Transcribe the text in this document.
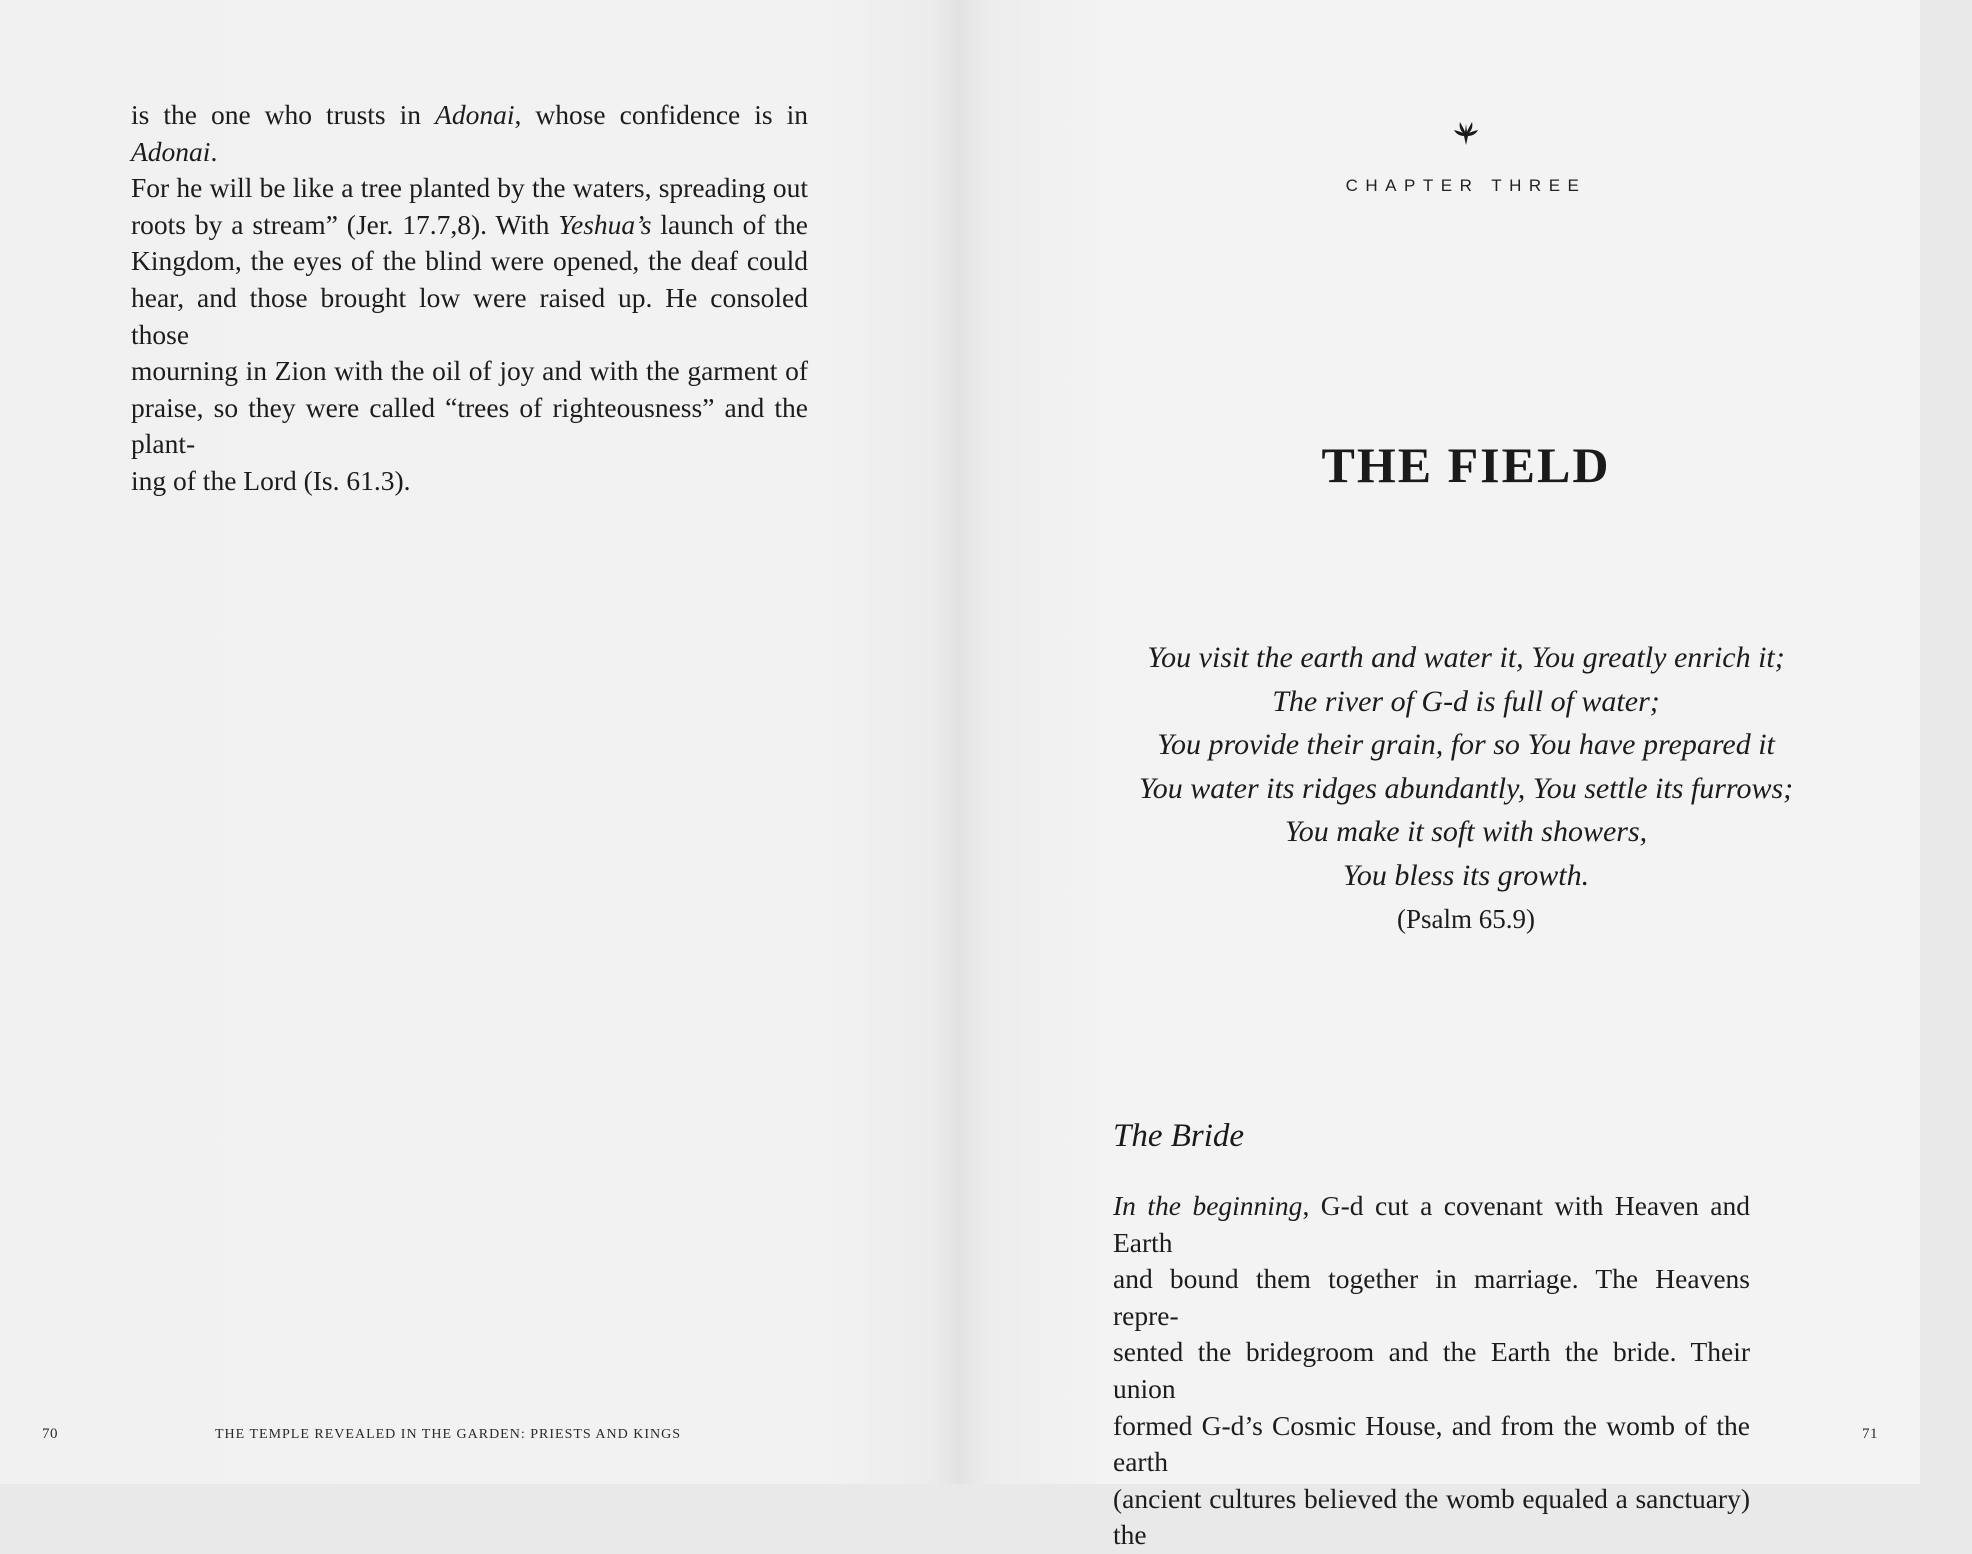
is the one who trusts in Adonai, whose confidence is in Adonai.
For he will be like a tree planted by the waters, spreading out
roots by a stream” (Jer. 17.7,8). With Yeshua’s launch of the
Kingdom, the eyes of the blind were opened, the deaf could
hear, and those brought low were raised up. He consoled those
mourning in Zion with the oil of joy and with the garment of
praise, so they were called “trees of righteousness” and the plant-
ing of the Lord (Is. 61.3).

70	THE TEMPLE REVEALED IN THE GARDEN: PRIESTS AND KINGS
CHAPTER THREE
THE FIELD
You visit the earth and water it, You greatly enrich it;
The river of G-d is full of water;
You provide their grain, for so You have prepared it
You water its ridges abundantly, You settle its furrows;
You make it soft with showers,
You bless its growth.
(Psalm 65.9)
The Bride

In the beginning, G-d cut a covenant with Heaven and Earth
and bound them together in marriage. The Heavens repre-
sented the bridegroom and the Earth the bride. Their union
formed G-d’s Cosmic House, and from the womb of the earth
(ancient cultures believed the womb equaled a sanctuary) the

71
